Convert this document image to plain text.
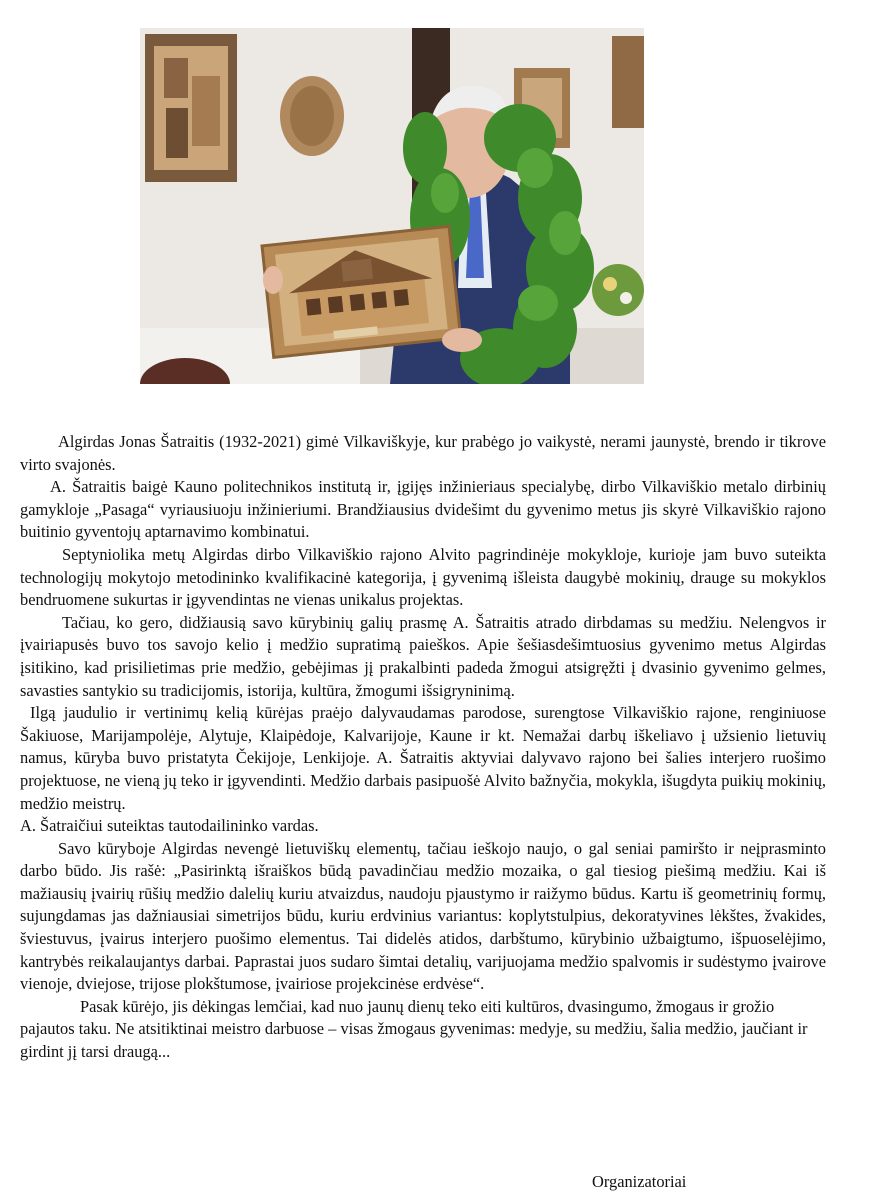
Algirdas Jonas Šatraitis (1932-2021) gimė Vilkaviškyje, kur prabėgo jo vaikystė, nerami jaunystė, brendo ir tikrove virto svajonės.

A. Šatraitis baigė Kauno politechnikos institutą ir, įgijęs inžinieriaus specialybę, dirbo Vilkaviškio metalo dirbinių gamykloje „Pasaga“ vyriausiuoju inžinieriumi. Brandžiausius dvidešimt du gyvenimo metus jis skyrė Vilkaviškio rajono buitinio gyventojų aptarnavimo kombinatui.

Septyniolika metų Algirdas dirbo Vilkaviškio rajono Alvito pagrindinėje mokykloje, kurioje jam buvo suteikta technologijų mokytojo metodininko kvalifikacinė kategorija, į gyvenimą išleista daugybė mokinių, drauge su mokyklos bendruomene sukurtas ir įgyvendintas ne vienas unikalus projektas.

Tačiau, ko gero, didžiausią savo kūrybinių galių prasmę A. Šatraitis atrado dirbdamas su medžiu. Nelengvos ir įvairiapusės buvo tos savojo kelio į medžio supratimą paieškos. Apie šešiasdešimtuosius gyvenimo metus Algirdas įsitikino, kad prisilietimas prie medžio, gebėjimas jį prakalbinti padeda žmogui atsigręžti į dvasinio gyvenimo gelmes, savasties santykio su tradicijomis, istorija, kultūra, žmogumi išsigryninimą.

Ilgą jaudulio ir vertinimų kelią kūrėjas praėjo dalyvaudamas parodose, surengtose Vilkaviškio rajone, renginiuose Šakiuose, Marijampolėje, Alytuje, Klaipėdoje, Kalvarijoje, Kaune ir kt. Nemažai darbų iškeliavo į užsienio lietuvių namus, kūryba buvo pristatyta Čekijoje, Lenkijoje. A. Šatraitis aktyviai dalyvavo rajono bei šalies interjero ruošimo projektuose, ne vieną jų teko ir įgyvendinti. Medžio darbais pasipuošė Alvito bažnyčia, mokykla, išugdyta puikių mokinių, medžio meistrų.

A. Šatraičiui suteiktas tautodailininko vardas.

Savo kūryboje Algirdas nevengė lietuviškų elementų, tačiau ieškojo naujo, o gal seniai pamiršto ir neįprasminto darbo būdo. Jis rašė: „Pasirinktą išraiškos būdą pavadinčiau medžio mozaika, o gal tiesiog piešimą medžiu. Kai iš mažiausių įvairių rūšių medžio dalelių kuriu atvaizdus, naudoju pjaustymo ir raižymo būdus. Kartu iš geometrinių formų, sujungdamas jas dažniausiai simetrijos būdu, kuriu erdvinius variantus: koplytstulpius, dekoratyvines lėkštes, žvakides, šviestuvus, įvairus interjero puošimo elementus. Tai didelės atidos, darbštumo, kūrybinio užbaigtumo, išpuoselėjimo, kantrybės reikalaujantys darbai. Paprastai juos sudaro šimtai detalių, varijuojama medžio spalvomis ir sudėstymo įvairove vienoje, dviejose, trijose plokštumose, įvairiose projekcinėse erdvėse“.

Pasak kūrėjo, jis dėkingas lemčiai, kad nuo jaunų dienų teko eiti kultūros, dvasingumo, žmogaus ir grožio pajautos taku. Ne atsitiktinai meistro darbuose – visas žmogaus gyvenimas: medyje, su medžiu, šalia medžio, jaučiant ir girdint jį tarsi draugą...

Organizatoriai
